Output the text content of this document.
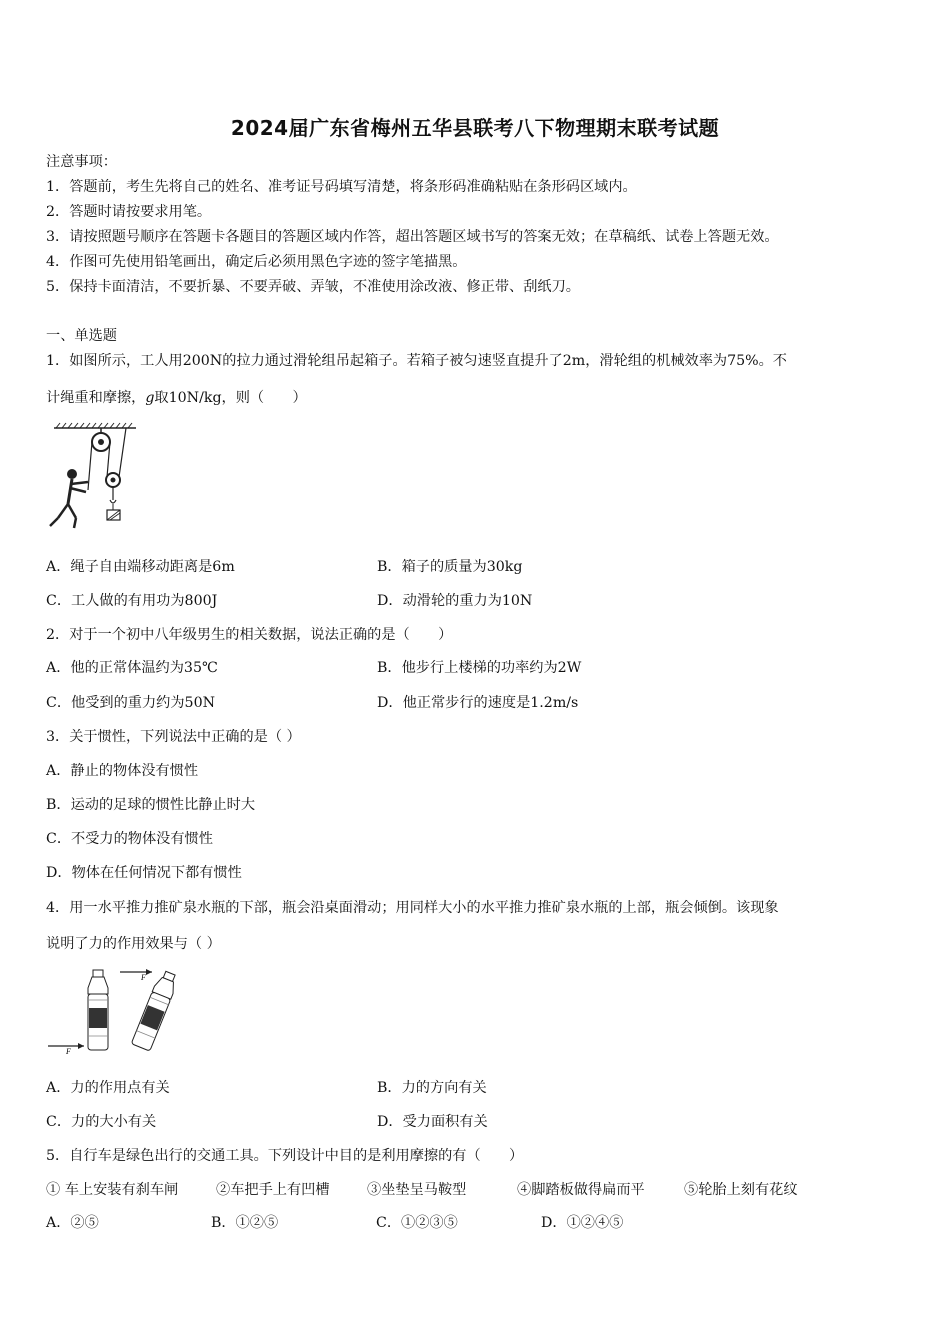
2024届广东省梅州五华县联考八下物理期末联考试题
注意事项：
1．答题前，考生先将自己的姓名、准考证号码填写清楚，将条形码准确粘贴在条形码区域内。
2．答题时请按要求用笔。
3．请按照题号顺序在答题卡各题目的答题区域内作答，超出答题区域书写的答案无效；在草稿纸、试卷上答题无效。
4．作图可先使用铅笔画出，确定后必须用黑色字迹的签字笔描黑。
5．保持卡面清洁，不要折暴、不要弄破、弄皱，不准使用涂改液、修正带、刮纸刀。
一、单选题
1．如图所示，工人用200N的拉力通过滑轮组吊起箱子。若箱子被匀速竖直提升了2m，滑轮组的机械效率为75%。不
计绳重和摩擦，g取10N/kg，则（　　）
A．绳子自由端移动距离是6m	B．箱子的质量为30kg
C．工人做的有用功为800J	D．动滑轮的重力为10N
2．对于一个初中八年级男生的相关数据，说法正确的是（　　）
A．他的正常体温约为35℃	B．他步行上楼梯的功率约为2W
C．他受到的重力约为50N	D．他正常步行的速度是1.2m/s
3．关于惯性，下列说法中正确的是（ ）
A．静止的物体没有惯性
B．运动的足球的惯性比静止时大
C．不受力的物体没有惯性
D．物体在任何情况下都有惯性
4．用一水平推力推矿泉水瓶的下部，瓶会沿桌面滑动；用同样大小的水平推力推矿泉水瓶的上部，瓶会倾倒。该现象
说明了力的作用效果与（ ）
F
F
A．力的作用点有关	B．力的方向有关
C．力的大小有关	D．受力面积有关
5．自行车是绿色出行的交通工具。下列设计中目的是利用摩擦的有（　　）
① 车上安装有刹车闸	②车把手上有凹槽	③坐垫呈马鞍型	④脚踏板做得扁而平	⑤轮胎上刻有花纹
A．②⑤	B．①②⑤	C．①②③⑤	D．①②④⑤
